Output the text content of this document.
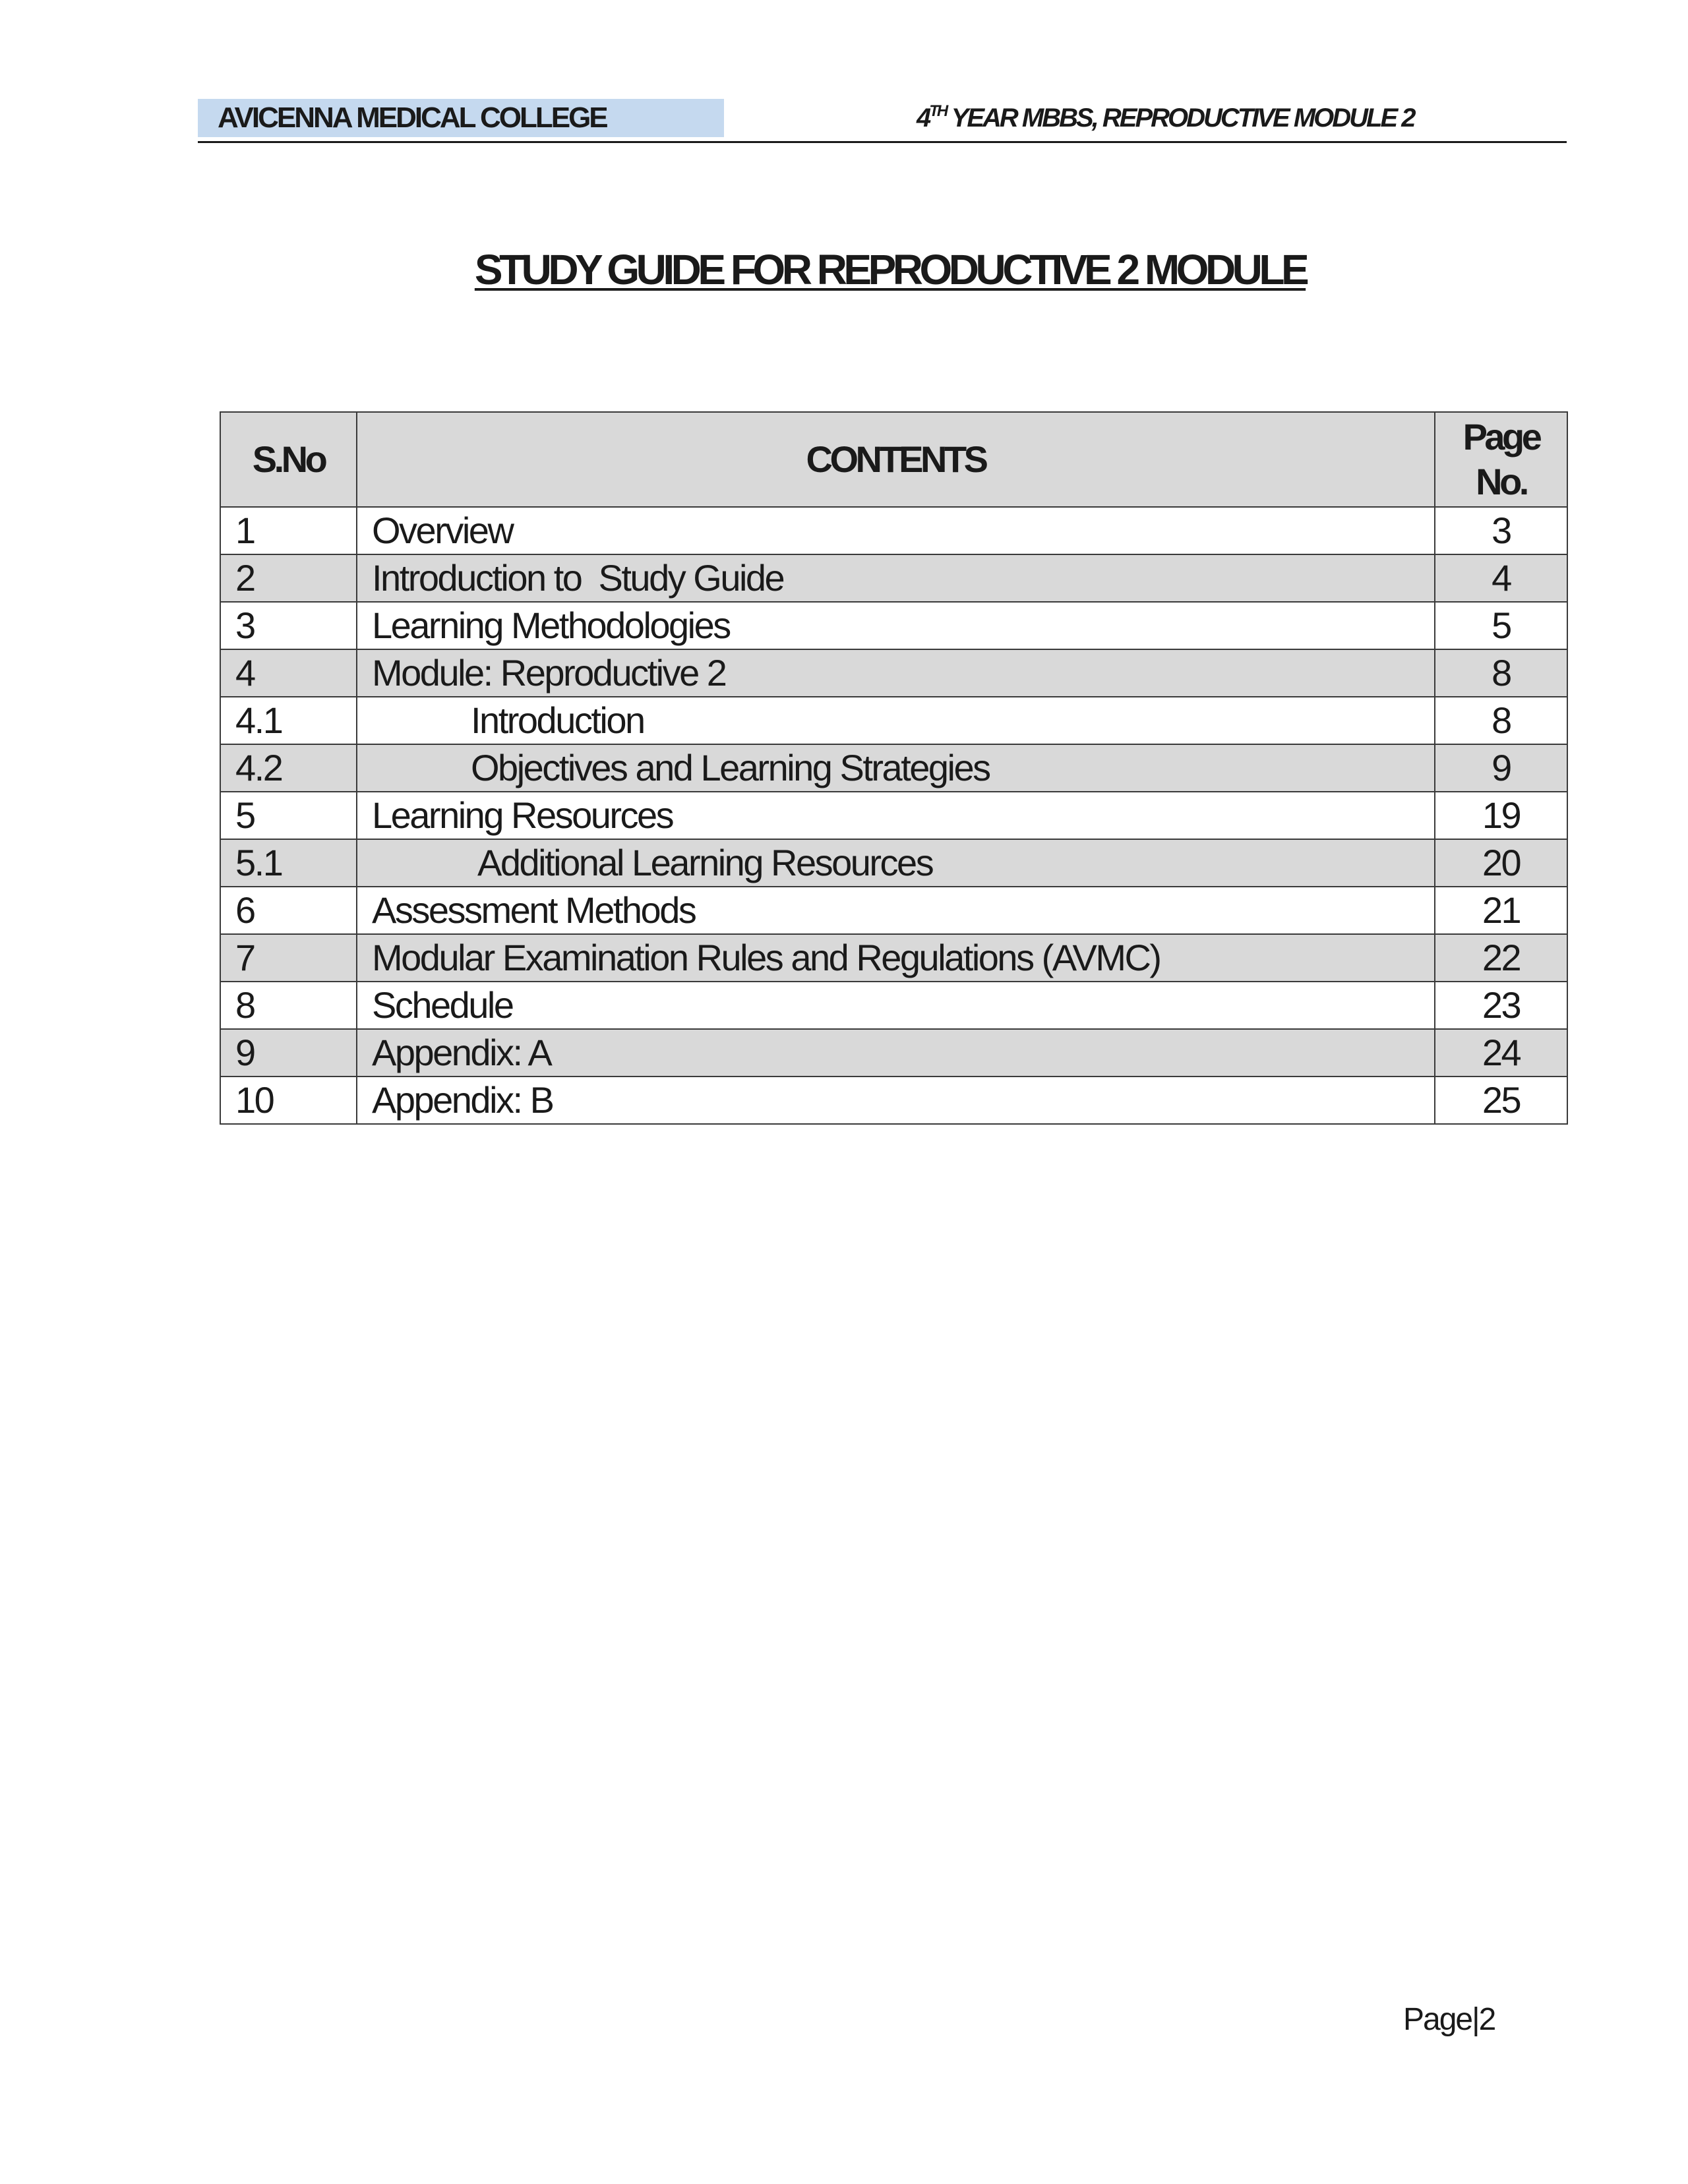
AVICENNA MEDICAL COLLEGE	4TH YEAR MBBS, REPRODUCTIVE MODULE 2
STUDY GUIDE FOR REPRODUCTIVE 2 MODULE
S.No	CONTENTS	Page
No.
1	Overview	3
2	Introduction to  Study Guide	4
3	Learning Methodologies	5
4	Module: Reproductive 2	8
4.1	Introduction	8
4.2	Objectives and Learning Strategies	9
5	Learning Resources	19
5.1	Additional Learning Resources	20
6	Assessment Methods	21
7	Modular Examination Rules and Regulations (AVMC)	22
8	Schedule	23
9	Appendix: A	24
10	Appendix: B	25
Page|2
